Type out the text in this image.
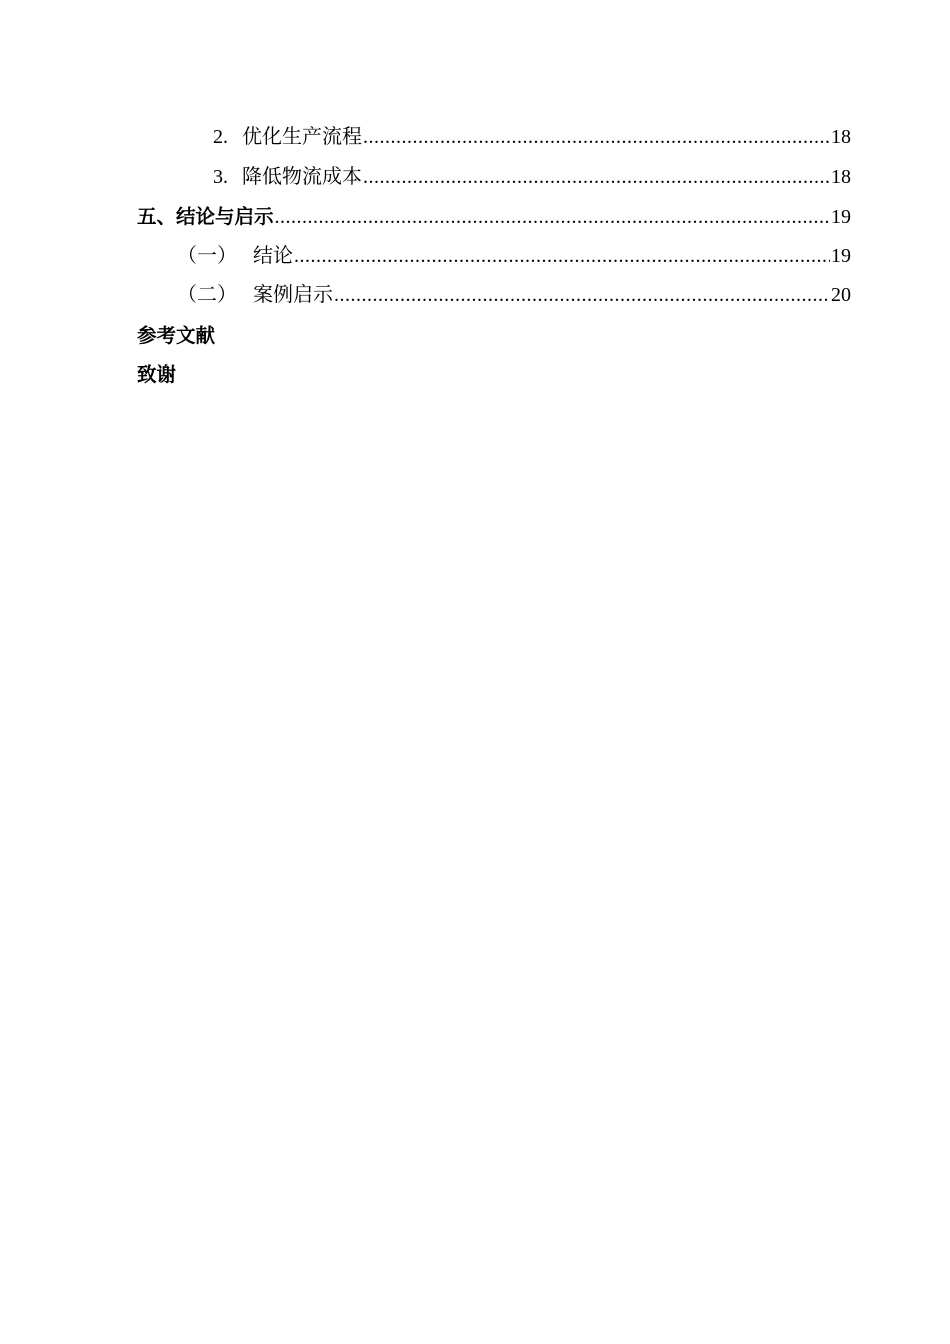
2. 优化生产流程 .....	18
3. 降低物流成本 .....	18
五、 结论与启示 .....	19
（一） 结论 .....	19
（二） 案例启示 .....	20
参考文献
致谢
